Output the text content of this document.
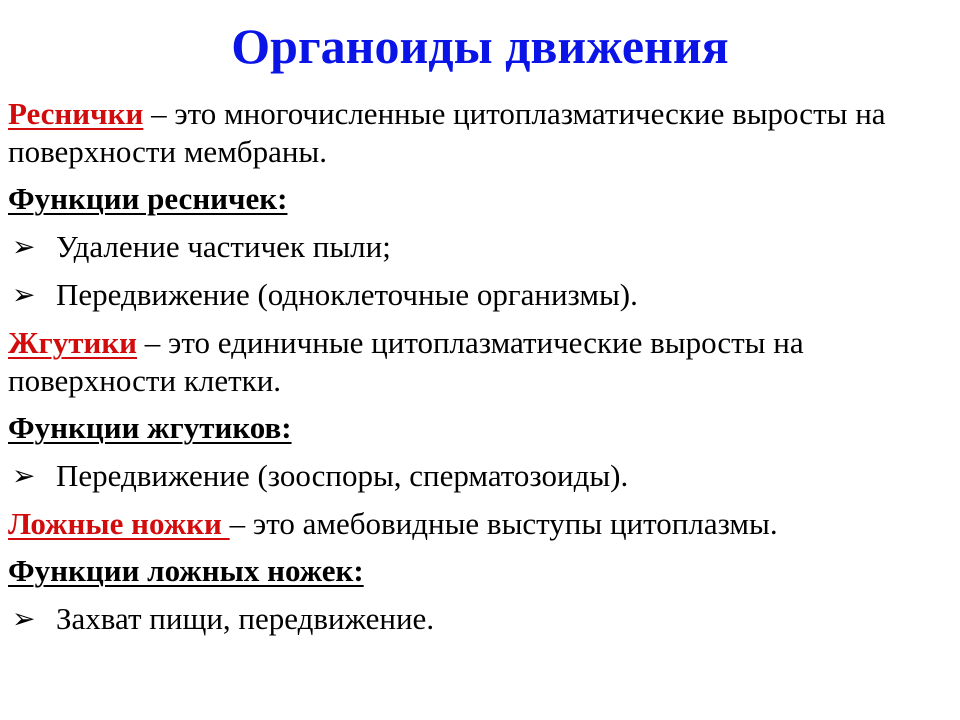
Органоиды движения

Реснички – это многочисленные цитоплазматические выросты на поверхности мембраны.

Функции ресничек:
➢ Удаление частичек пыли;
➢ Передвижение (одноклеточные организмы).

Жгутики – это единичные цитоплазматические выросты на поверхности клетки.

Функции жгутиков:
➢ Передвижение (зооспоры, сперматозоиды).

Ложные ножки – это амебовидные выступы цитоплазмы.

Функции ложных ножек:
➢ Захват пищи, передвижение.
